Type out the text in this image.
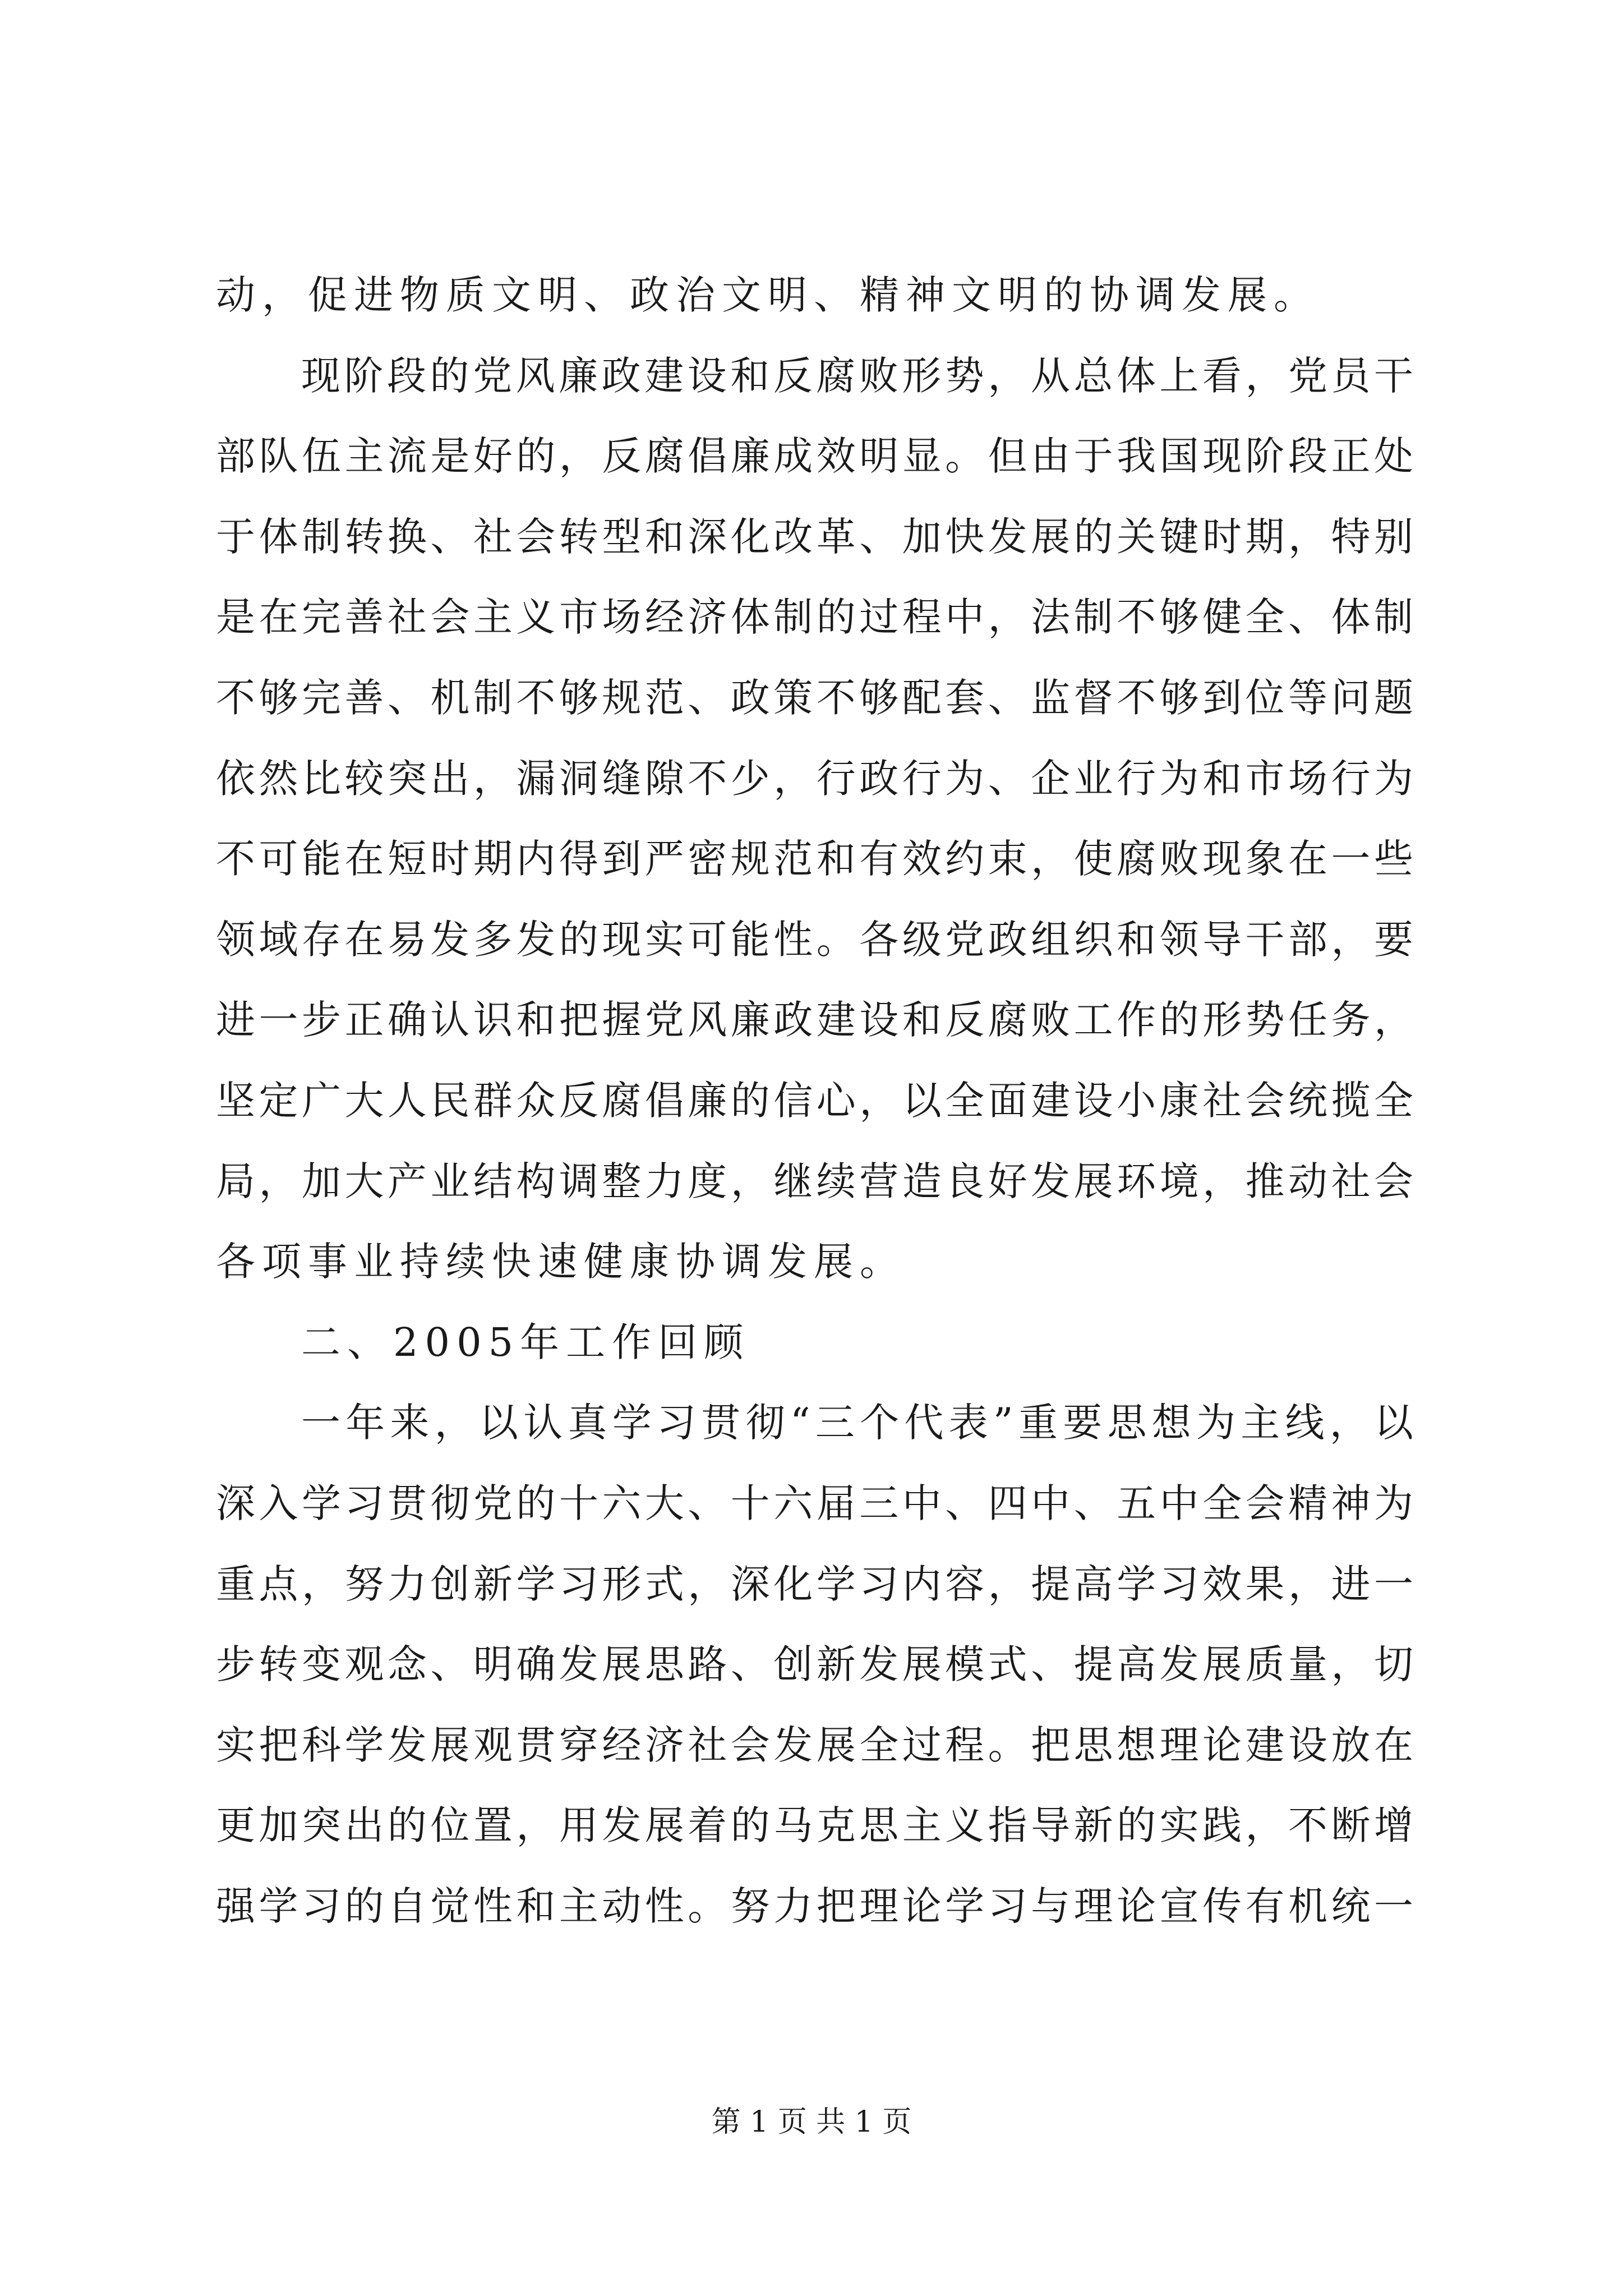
动，促进物质文明、政治文明、精神文明的协调发展。
现阶段的党风廉政建设和反腐败形势，从总体上看，党员干
部队伍主流是好的，反腐倡廉成效明显。但由于我国现阶段正处
于体制转换、社会转型和深化改革、加快发展的关键时期，特别
是在完善社会主义市场经济体制的过程中，法制不够健全、体制
不够完善、机制不够规范、政策不够配套、监督不够到位等问题
依然比较突出，漏洞缝隙不少，行政行为、企业行为和市场行为
不可能在短时期内得到严密规范和有效约束，使腐败现象在一些
领域存在易发多发的现实可能性。各级党政组织和领导干部，要
进一步正确认识和把握党风廉政建设和反腐败工作的形势任务，
坚定广大人民群众反腐倡廉的信心，以全面建设小康社会统揽全
局，加大产业结构调整力度，继续营造良好发展环境，推动社会
各项事业持续快速健康协调发展。
二、2005年工作回顾
一年来，以认真学习贯彻“三个代表”重要思想为主线，以
深入学习贯彻党的十六大、十六届三中、四中、五中全会精神为
重点，努力创新学习形式，深化学习内容，提高学习效果，进一
步转变观念、明确发展思路、创新发展模式、提高发展质量，切
实把科学发展观贯穿经济社会发展全过程。把思想理论建设放在
更加突出的位置，用发展着的马克思主义指导新的实践，不断增
强学习的自觉性和主动性。努力把理论学习与理论宣传有机统一
第 1 页 共 1 页
